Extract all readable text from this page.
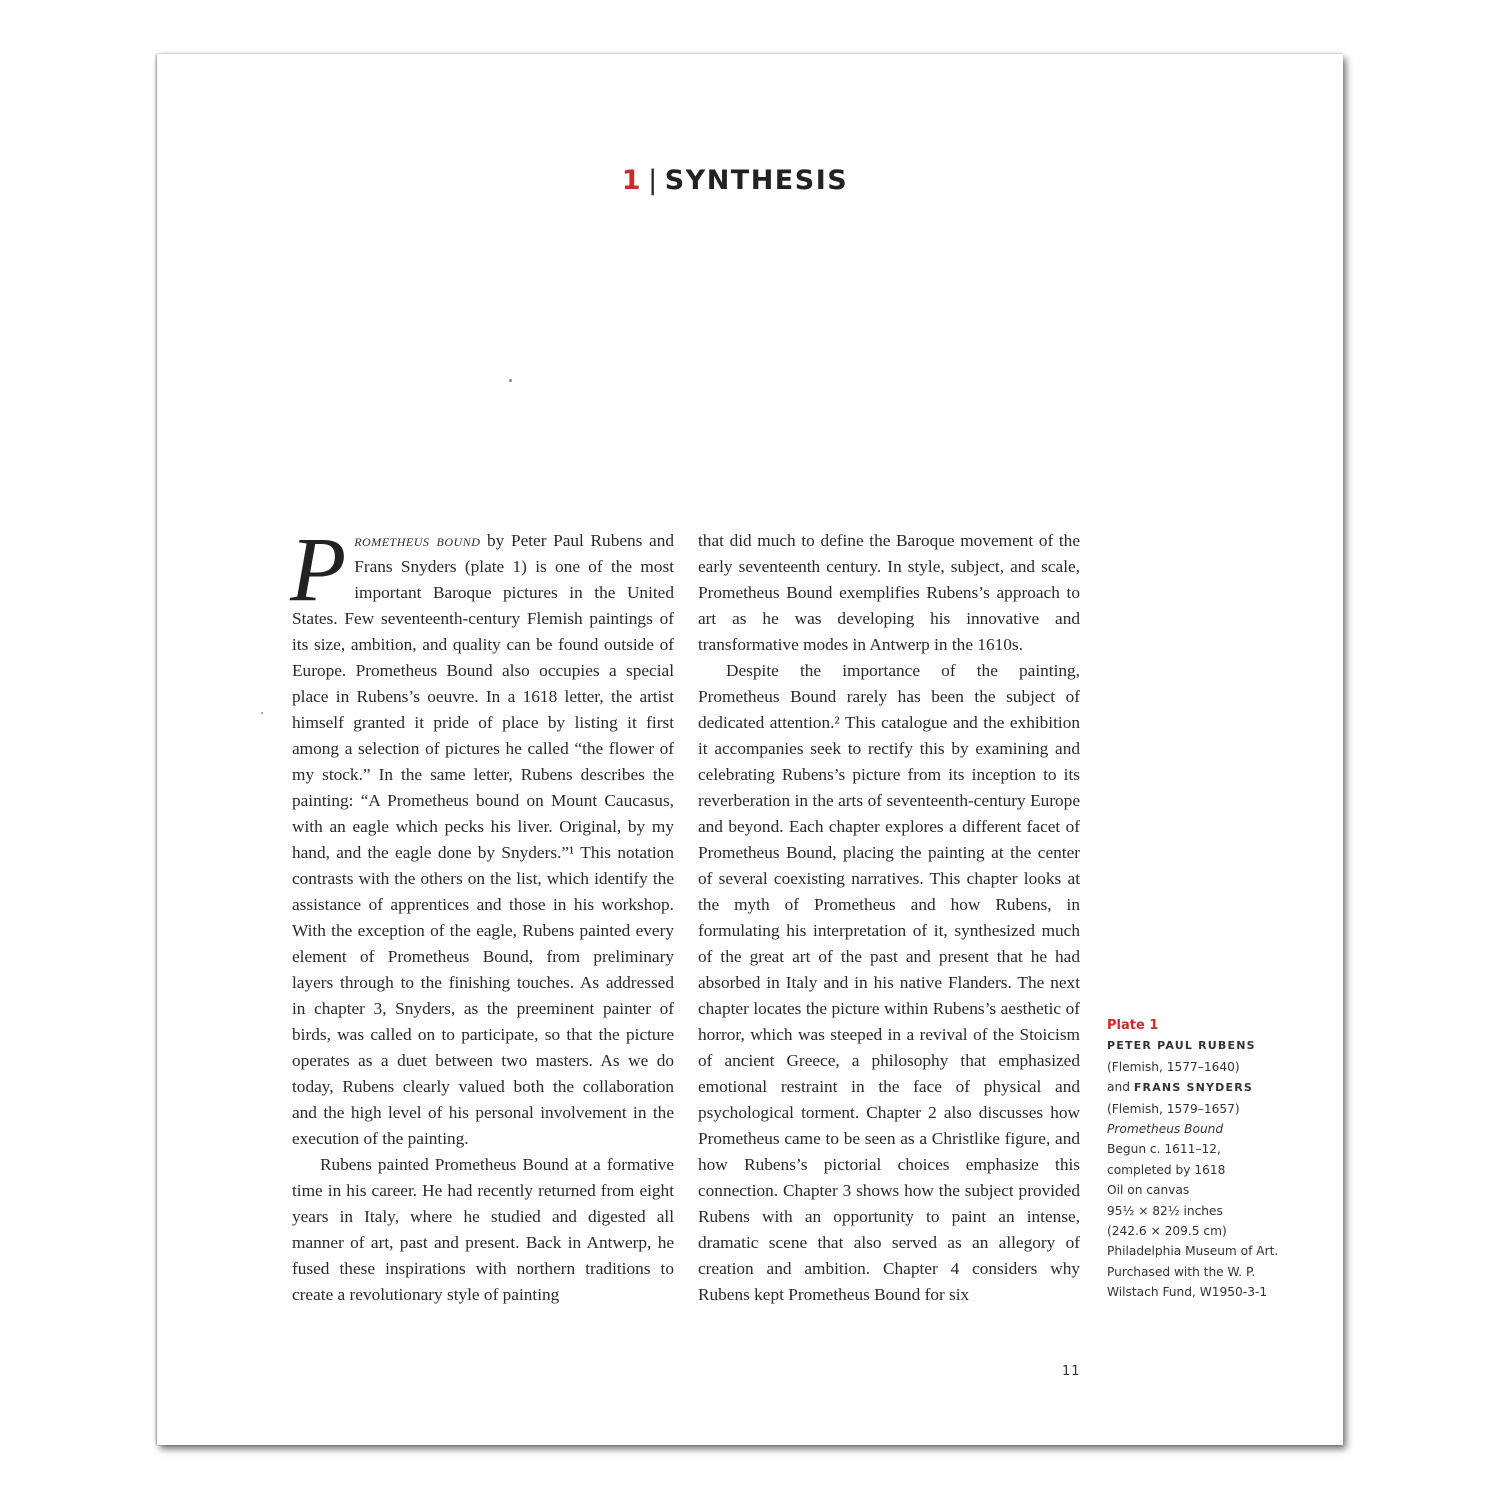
1 | SYNTHESIS

Prometheus bound by Peter Paul Rubens and Frans Snyders (plate 1) is one of the most important Baroque pictures in the United States. Few seventeenth-century Flemish paintings of its size, ambition, and quality can be found outside of Europe. Prometheus Bound also occupies a special place in Rubens’s oeuvre. In a 1618 letter, the artist himself granted it pride of place by listing it first among a selection of pictures he called “the flower of my stock.” In the same letter, Rubens describes the painting: “A Prometheus bound on Mount Caucasus, with an eagle which pecks his liver. Original, by my hand, and the eagle done by Snyders.”¹ This notation contrasts with the others on the list, which identify the assistance of apprentices and those in his workshop. With the exception of the eagle, Rubens painted every element of Prometheus Bound, from preliminary layers through to the finishing touches. As addressed in chapter 3, Snyders, as the preeminent painter of birds, was called on to participate, so that the picture operates as a duet between two masters. As we do today, Rubens clearly valued both the collaboration and the high level of his personal involvement in the execution of the painting.

Rubens painted Prometheus Bound at a formative time in his career. He had recently returned from eight years in Italy, where he studied and digested all manner of art, past and present. Back in Antwerp, he fused these inspirations with northern traditions to create a revolutionary style of painting

that did much to define the Baroque movement of the early seventeenth century. In style, subject, and scale, Prometheus Bound exemplifies Rubens’s approach to art as he was developing his innovative and transformative modes in Antwerp in the 1610s.

Despite the importance of the painting, Prometheus Bound rarely has been the subject of dedicated attention.² This catalogue and the exhibition it accompanies seek to rectify this by examining and celebrating Rubens’s picture from its inception to its reverberation in the arts of seventeenth-century Europe and beyond. Each chapter explores a different facet of Prometheus Bound, placing the painting at the center of several coexisting narratives. This chapter looks at the myth of Prometheus and how Rubens, in formulating his interpretation of it, synthesized much of the great art of the past and present that he had absorbed in Italy and in his native Flanders. The next chapter locates the picture within Rubens’s aesthetic of horror, which was steeped in a revival of the Stoicism of ancient Greece, a philosophy that emphasized emotional restraint in the face of physical and psychological torment. Chapter 2 also discusses how Prometheus came to be seen as a Christlike figure, and how Rubens’s pictorial choices emphasize this connection. Chapter 3 shows how the subject provided Rubens with an opportunity to paint an intense, dramatic scene that also served as an allegory of creation and ambition. Chapter 4 considers why Rubens kept Prometheus Bound for six

Plate 1
PETER PAUL RUBENS
(Flemish, 1577–1640)
and FRANS SNYDERS
(Flemish, 1579–1657)
Prometheus Bound
Begun c. 1611–12,
completed by 1618
Oil on canvas
95½ × 82½ inches
(242.6 × 209.5 cm)
Philadelphia Museum of Art.
Purchased with the W. P.
Wilstach Fund, W1950-3-1
11
